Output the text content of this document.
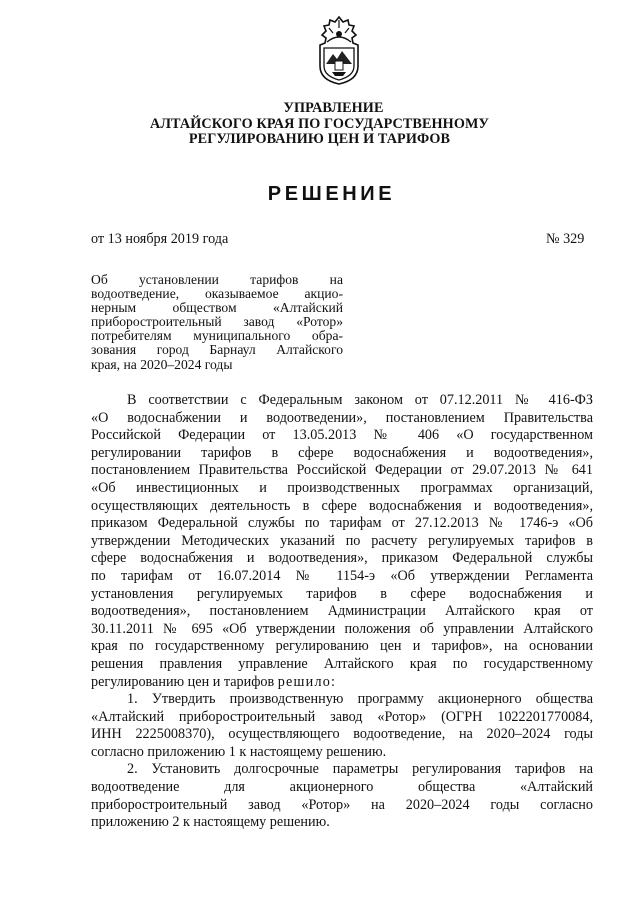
УПРАВЛЕНИЕ
АЛТАЙСКОГО КРАЯ ПО ГОСУДАРСТВЕННОМУ
РЕГУЛИРОВАНИЮ ЦЕН И ТАРИФОВ
РЕШЕНИЕ
от 13 ноября 2019 года	№ 329
Об установлении тарифов на
водоотведение, оказываемое акцио-
нерным обществом «Алтайский
приборостроительный завод «Ротор»
потребителям муниципального обра-
зования город Барнаул Алтайского
края, на 2020–2024 годы
В соответствии с Федеральным законом от 07.12.2011 № 416-ФЗ
«О водоснабжении и водоотведении», постановлением Правительства
Российской Федерации от 13.05.2013 № 406 «О государственном
регулировании тарифов в сфере водоснабжения и водоотведения»,
постановлением Правительства Российской Федерации от 29.07.2013 № 641
«Об инвестиционных и производственных программах организаций,
осуществляющих деятельность в сфере водоснабжения и водоотведения»,
приказом Федеральной службы по тарифам от 27.12.2013 № 1746-э «Об
утверждении Методических указаний по расчету регулируемых тарифов в
сфере водоснабжения и водоотведения», приказом Федеральной службы
по тарифам от 16.07.2014 № 1154-э «Об утверждении Регламента
установления регулируемых тарифов в сфере водоснабжения и
водоотведения», постановлением Администрации Алтайского края от
30.11.2011 № 695 «Об утверждении положения об управлении Алтайского
края по государственному регулированию цен и тарифов», на основании
решения правления управление Алтайского края по государственному
регулированию цен и тарифов решило:
1. Утвердить производственную программу акционерного общества
«Алтайский приборостроительный завод «Ротор» (ОГРН 1022201770084,
ИНН 2225008370), осуществляющего водоотведение, на 2020–2024 годы
согласно приложению 1 к настоящему решению.
2. Установить долгосрочные параметры регулирования тарифов на
водоотведение для акционерного общества «Алтайский
приборостроительный завод «Ротор» на 2020–2024 годы согласно
приложению 2 к настоящему решению.
